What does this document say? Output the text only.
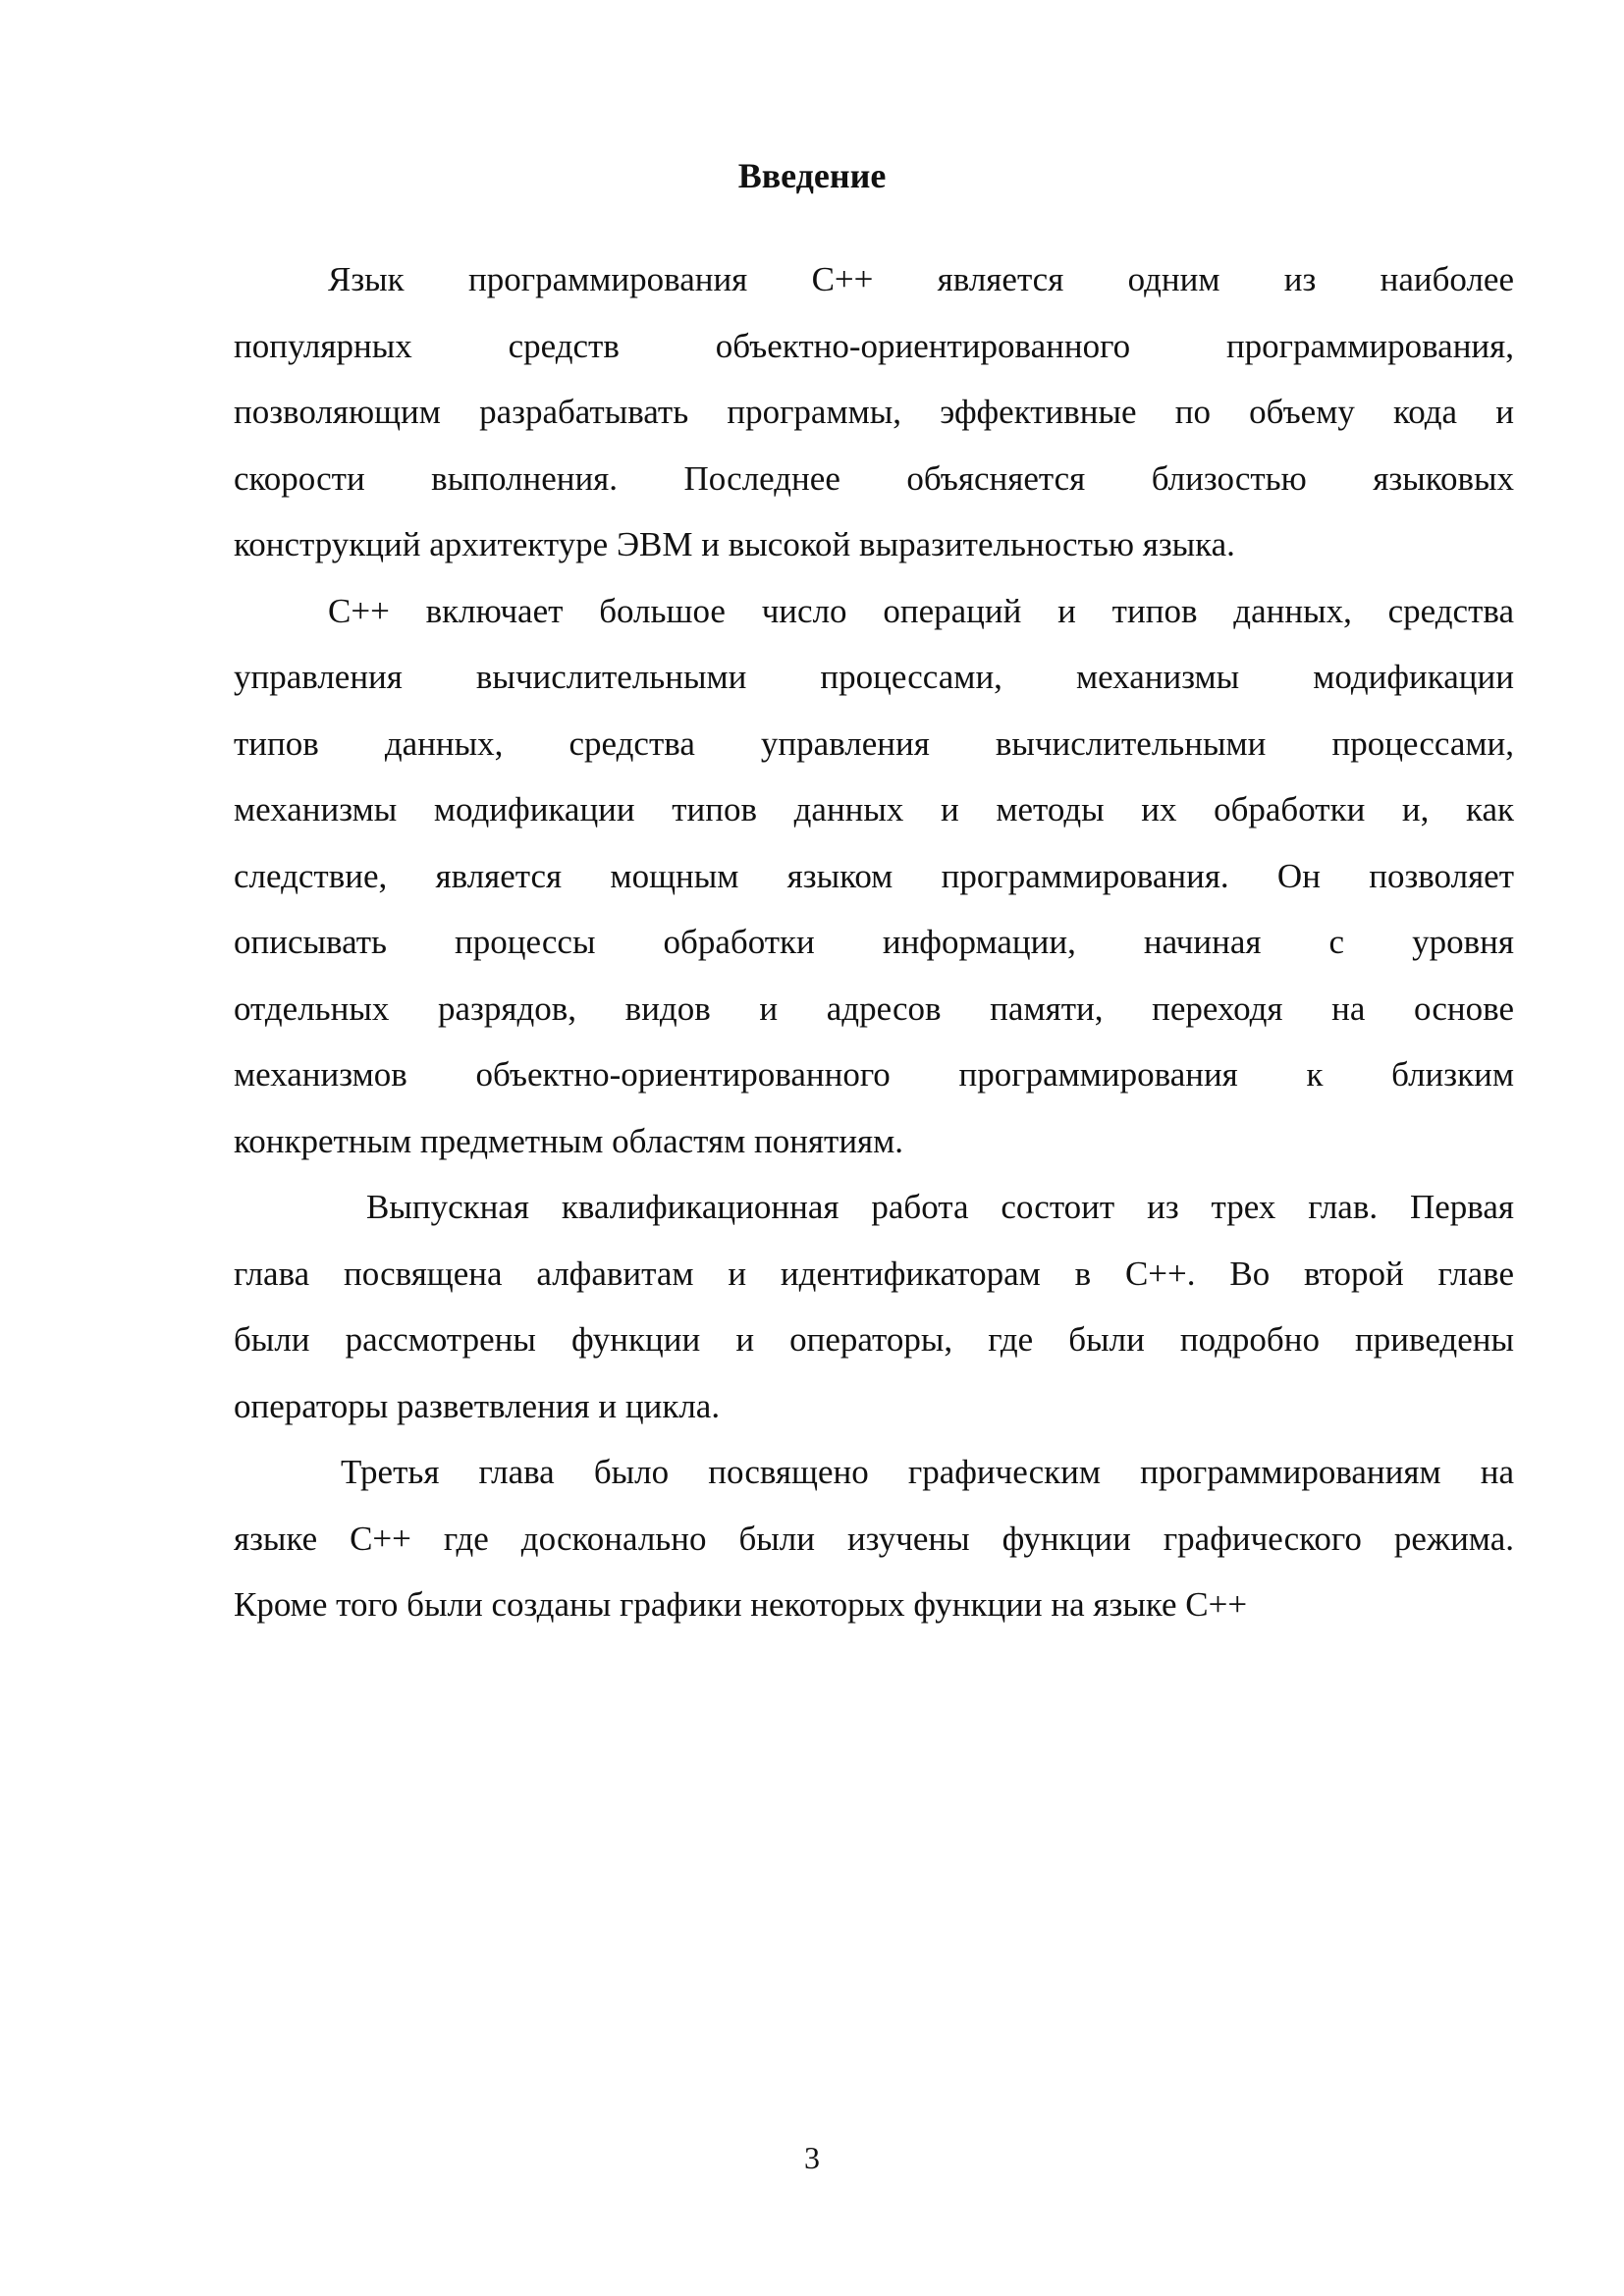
Введение

Язык программирования С++ является одним из наиболее
популярных средств объектно-ориентированного программирования,
позволяющим разрабатывать программы, эффективные по объему кода и
скорости выполнения. Последнее объясняется близостью языковых
конструкций архитектуре ЭВМ и высокой выразительностью языка.

С++ включает большое число операций и типов данных, средства
управления вычислительными процессами, механизмы модификации
типов данных, средства управления вычислительными процессами,
механизмы модификации типов данных и методы их обработки и, как
следствие, является мощным языком программирования. Он позволяет
описывать процессы обработки информации, начиная с уровня
отдельных разрядов, видов и адресов памяти, переходя на основе
механизмов объектно-ориентированного программирования к близким
конкретным предметным областям понятиям.

Выпускная квалификационная работа состоит из трех глав. Первая
глава посвящена алфавитам и идентификаторам в С++. Во второй главе
были рассмотрены функции и операторы, где были подробно приведены
операторы разветвления и цикла.

Третья глава было посвящено графическим программированиям на
языке С++ где досконально были изучены функции графического режима.
Кроме того были созданы графики некоторых функции на языке С++

3
